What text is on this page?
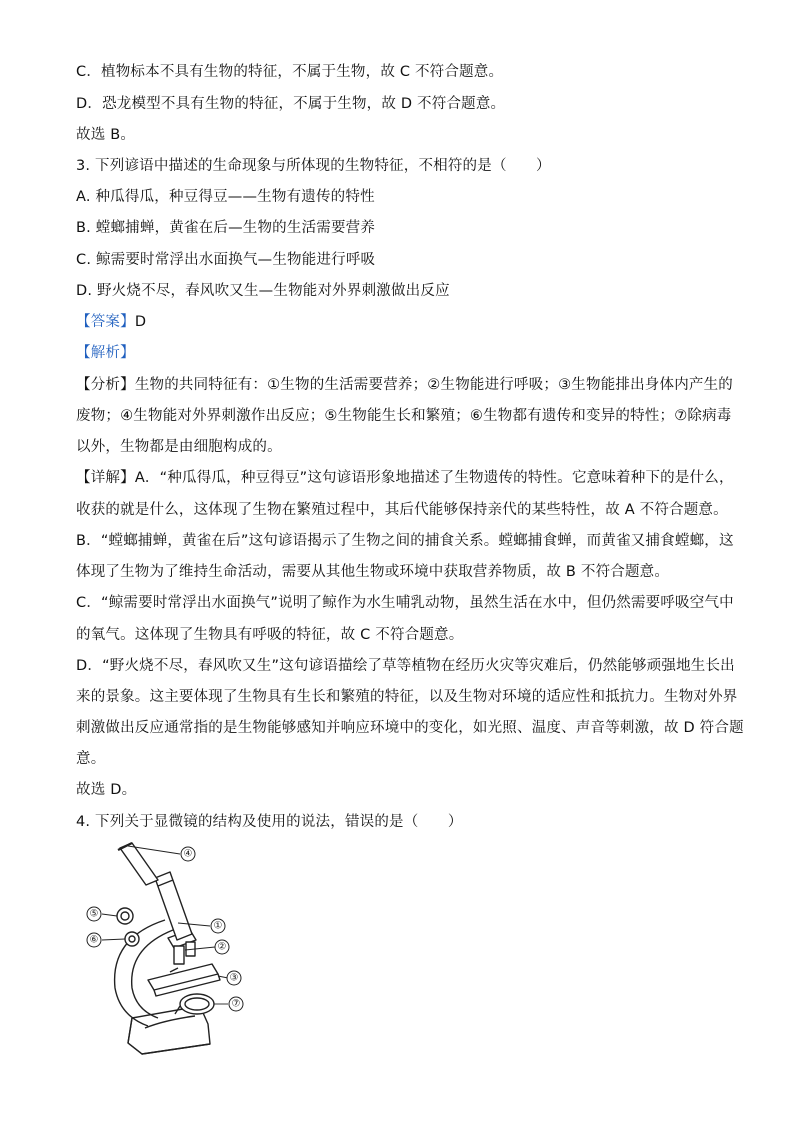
C．植物标本不具有生物的特征，不属于生物，故 C 不符合题意。
D．恐龙模型不具有生物的特征，不属于生物，故 D 不符合题意。
故选 B。
3. 下列谚语中描述的生命现象与所体现的生物特征，不相符的是（　　）
A. 种瓜得瓜，种豆得豆——生物有遗传的特性
B. 螳螂捕蝉，黄雀在后—生物的生活需要营养
C. 鲸需要时常浮出水面换气—生物能进行呼吸
D. 野火烧不尽，春风吹又生—生物能对外界刺激做出反应
【答案】D
【解析】
【分析】生物的共同特征有：①生物的生活需要营养；②生物能进行呼吸；③生物能排出身体内产生的
废物；④生物能对外界刺激作出反应；⑤生物能生长和繁殖；⑥生物都有遗传和变异的特性；⑦除病毒
以外，生物都是由细胞构成的。
【详解】A．“种瓜得瓜，种豆得豆”这句谚语形象地描述了生物遗传的特性。它意味着种下的是什么，
收获的就是什么，这体现了生物在繁殖过程中，其后代能够保持亲代的某些特性，故 A 不符合题意。
B．“螳螂捕蝉，黄雀在后”这句谚语揭示了生物之间的捕食关系。螳螂捕食蝉，而黄雀又捕食螳螂，这
体现了生物为了维持生命活动，需要从其他生物或环境中获取营养物质，故 B 不符合题意。
C．“鲸需要时常浮出水面换气”说明了鲸作为水生哺乳动物，虽然生活在水中，但仍然需要呼吸空气中
的氧气。这体现了生物具有呼吸的特征，故 C 不符合题意。
D．“野火烧不尽，春风吹又生”这句谚语描绘了草等植物在经历火灾等灾难后，仍然能够顽强地生长出
来的景象。这主要体现了生物具有生长和繁殖的特征，以及生物对环境的适应性和抵抗力。生物对外界
刺激做出反应通常指的是生物能够感知并响应环境中的变化，如光照、温度、声音等刺激，故 D 符合题
意。
故选 D。
4. 下列关于显微镜的结构及使用的说法，错误的是（　　）
①
②
③
④
⑤
⑥
⑦
